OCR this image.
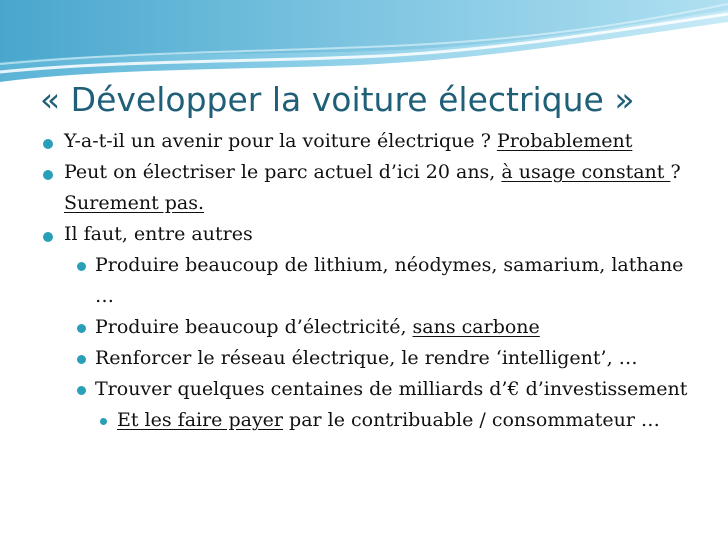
« Développer la voiture électrique »
Y-a-t-il un avenir pour la voiture électrique ? Probablement
Peut on électriser le parc actuel d’ici 20 ans, à usage constant ? Surement pas.
Il faut, entre autres
Produire beaucoup de lithium, néodymes, samarium, lathane …
Produire beaucoup d’électricité, sans carbone
Renforcer le réseau électrique, le rendre ‘intelligent’, …
Trouver quelques centaines de milliards d’€ d’investissement
Et les faire payer par le contribuable / consommateur …
